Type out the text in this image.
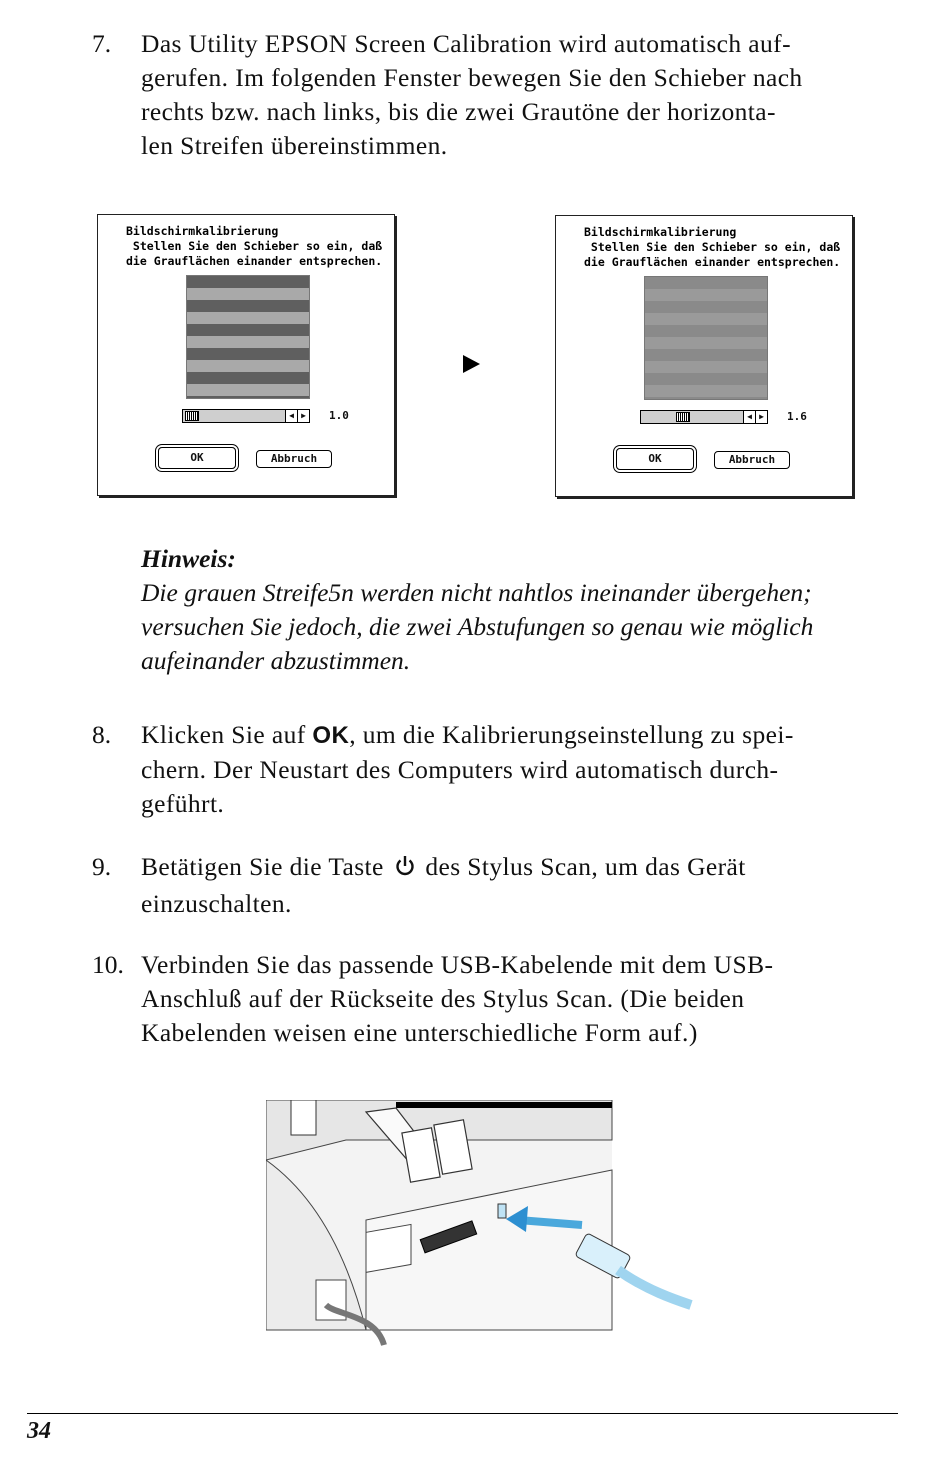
7. Das Utility EPSON Screen Calibration wird automatisch auf-
gerufen. Im folgenden Fenster bewegen Sie den Schieber nach
rechts bzw. nach links, bis die zwei Grautöne der horizonta-
len Streifen übereinstimmen.
Bildschirmkalibrierung
Stellen Sie den Schieber so ein, daß
die Grauflächen einander entsprechen.
◀ ▶ 1.0
OK	Abbruch
Bildschirmkalibrierung
Stellen Sie den Schieber so ein, daß
die Grauflächen einander entsprechen.
◀ ▶ 1.6
OK	Abbruch
Hinweis:
Die grauen Streife5n werden nicht nahtlos ineinander übergehen;
versuchen Sie jedoch, die zwei Abstufungen so genau wie möglich
aufeinander abzustimmen.
8. Klicken Sie auf OK, um die Kalibrierungseinstellung zu spei-
chern. Der Neustart des Computers wird automatisch durch-
geführt.
9. Betätigen Sie die Taste  des Stylus Scan, um das Gerät
einzuschalten.
10. Verbinden Sie das passende USB-Kabelende mit dem USB-
Anschluß auf der Rückseite des Stylus Scan. (Die beiden
Kabelenden weisen eine unterschiedliche Form auf.)
34
